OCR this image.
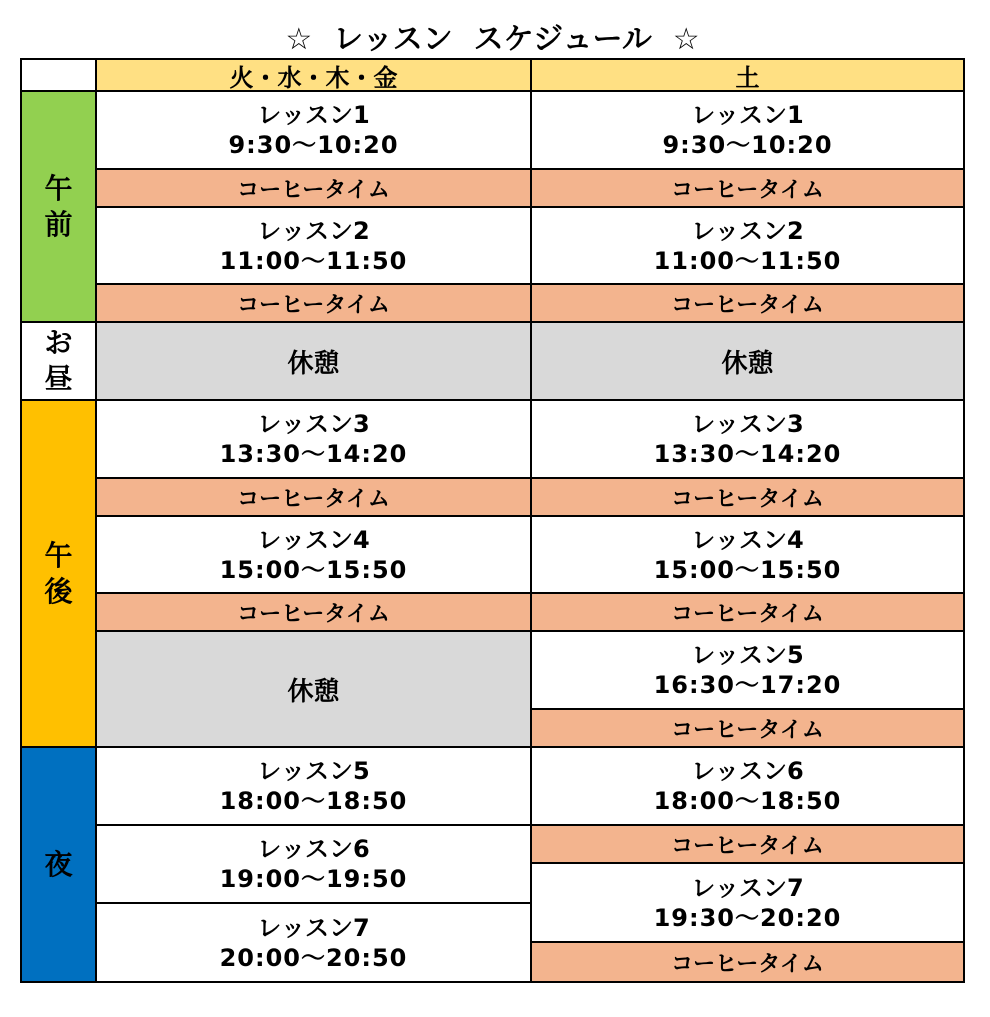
☆  レッスン  スケジュール  ☆
火・水・木・金	土
午
前
お
昼
午
後
夜
レッスン1
9:30〜10:20
コーヒータイム
レッスン2
11:00〜11:50
コーヒータイム
休憩
レッスン3
13:30〜14:20
コーヒータイム
レッスン4
15:00〜15:50
コーヒータイム
休憩
レッスン5
18:00〜18:50
レッスン6
19:00〜19:50
レッスン7
20:00〜20:50
レッスン1
9:30〜10:20
コーヒータイム
レッスン2
11:00〜11:50
コーヒータイム
休憩
レッスン3
13:30〜14:20
コーヒータイム
レッスン4
15:00〜15:50
コーヒータイム
レッスン5
16:30〜17:20
コーヒータイム
レッスン6
18:00〜18:50
コーヒータイム
レッスン7
19:30〜20:20
コーヒータイム
